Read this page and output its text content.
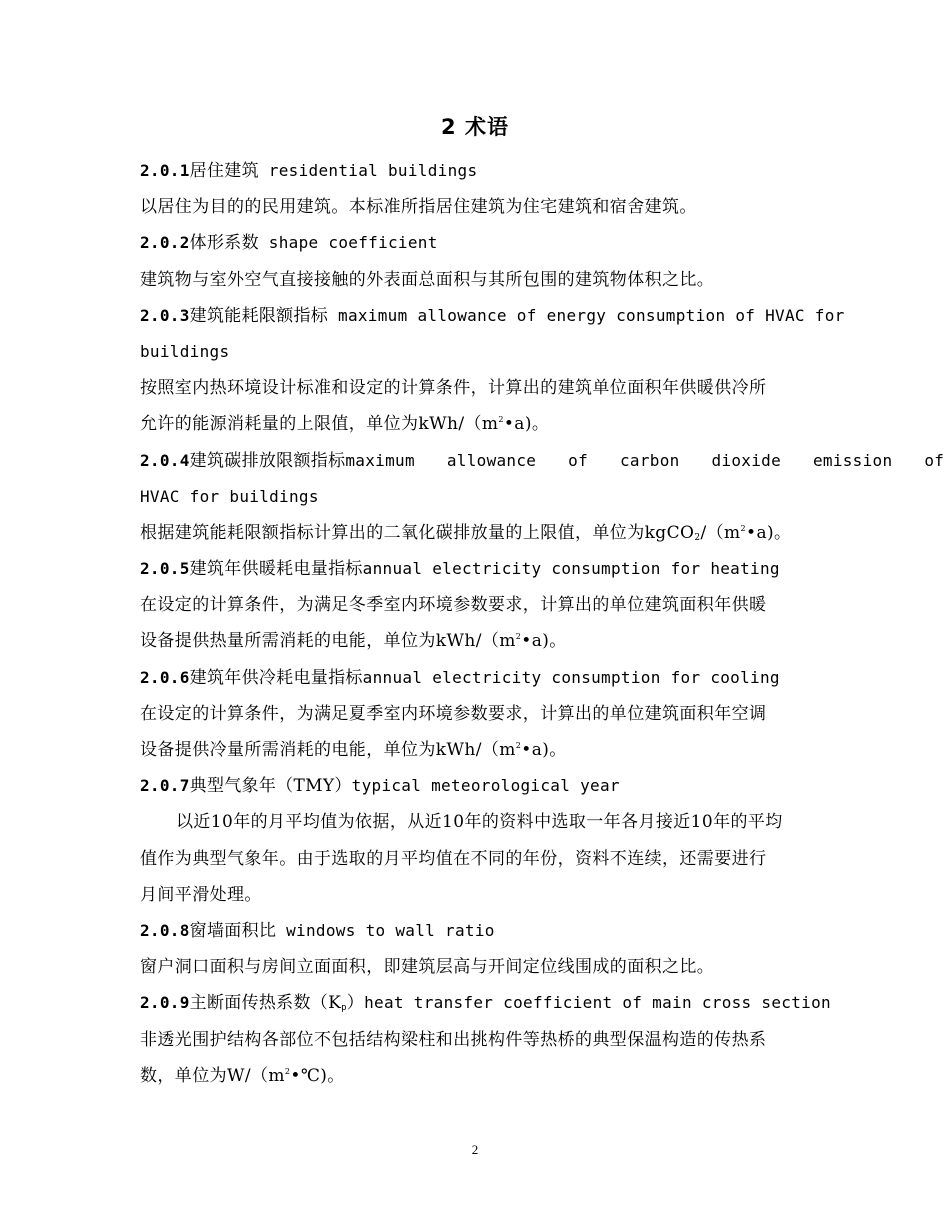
2 术语
2.0.1居住建筑 residential buildings
以居住为目的的民用建筑。本标准所指居住建筑为住宅建筑和宿舍建筑。
2.0.2体形系数 shape coefficient
建筑物与室外空气直接接触的外表面总面积与其所包围的建筑物体积之比。
2.0.3建筑能耗限额指标 maximum allowance of energy consumption of HVAC for
buildings
按照室内热环境设计标准和设定的计算条件，计算出的建筑单位面积年供暖供冷所
允许的能源消耗量的上限值，单位为kWh/$(m^2•a)$。
2.0.4建筑碳排放限额指标maximum allowance of carbon dioxide emission of
HVAC for buildings
根据建筑能耗限额指标计算出的二氧化碳排放量的上限值，单位为$kgCO_2/(m^2•a)$。
2.0.5建筑年供暖耗电量指标annual electricity consumption for heating
在设定的计算条件，为满足冬季室内环境参数要求，计算出的单位建筑面积年供暖
设备提供热量所需消耗的电能，单位为kWh/$(m^2•a)$。
2.0.6建筑年供冷耗电量指标annual electricity consumption for cooling
在设定的计算条件，为满足夏季室内环境参数要求，计算出的单位建筑面积年空调
设备提供冷量所需消耗的电能，单位为kWh/$(m^2•a)$。
2.0.7典型气象年（TMY）typical meteorological year
以近10年的月平均值为依据，从近10年的资料中选取一年各月接近10年的平均
值作为典型气象年。由于选取的月平均值在不同的年份，资料不连续，还需要进行
月间平滑处理。
2.0.8窗墙面积比 windows to wall ratio
窗户洞口面积与房间立面面积，即建筑层高与开间定位线围成的面积之比。
2.0.9主断面传热系数$(K_p)heat$ transfer coefficient of main cross section
非透光围护结构各部位不包括结构梁柱和出挑构件等热桥的典型保温构造的传热系
数，单位为$W/(m^2•℃)$。
2
